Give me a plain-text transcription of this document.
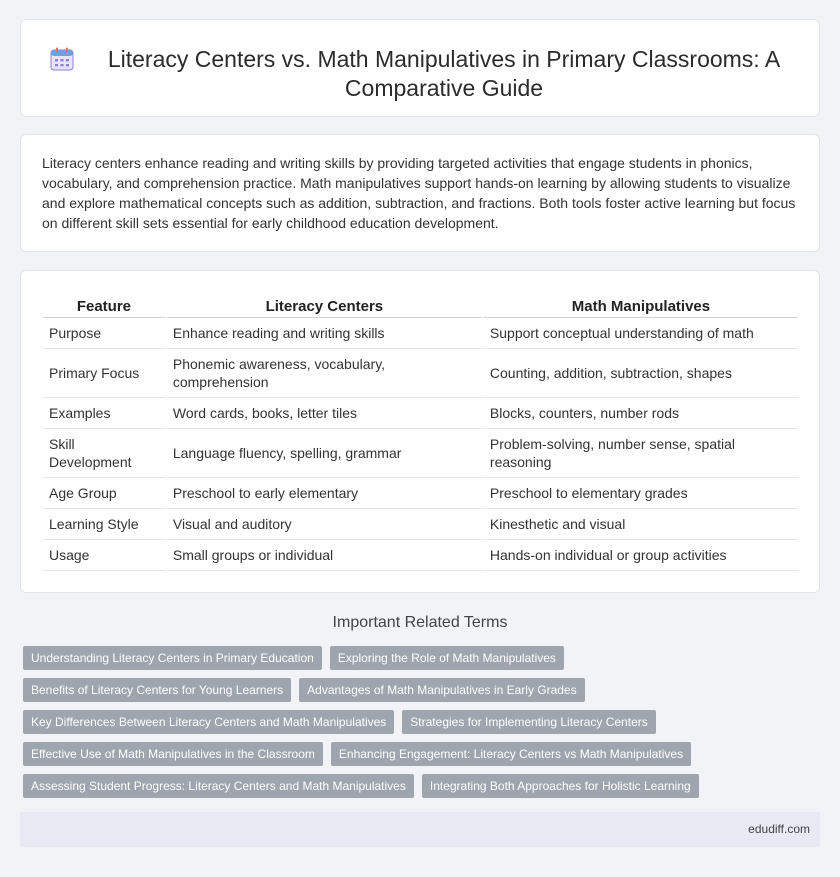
Literacy Centers vs. Math Manipulatives in Primary Classrooms: A Comparative Guide

Literacy centers enhance reading and writing skills by providing targeted activities that engage students in phonics, vocabulary, and comprehension practice. Math manipulatives support hands-on learning by allowing students to visualize and explore mathematical concepts such as addition, subtraction, and fractions. Both tools foster active learning but focus on different skill sets essential for early childhood education development.

Feature	Literacy Centers	Math Manipulatives
Purpose	Enhance reading and writing skills	Support conceptual understanding of math
Primary Focus	Phonemic awareness, vocabulary, comprehension	Counting, addition, subtraction, shapes
Examples	Word cards, books, letter tiles	Blocks, counters, number rods
Skill Development	Language fluency, spelling, grammar	Problem-solving, number sense, spatial reasoning
Age Group	Preschool to early elementary	Preschool to elementary grades
Learning Style	Visual and auditory	Kinesthetic and visual
Usage	Small groups or individual	Hands-on individual or group activities
Important Related Terms
Understanding Literacy Centers in Primary Education	Exploring the Role of Math Manipulatives
Benefits of Literacy Centers for Young Learners	Advantages of Math Manipulatives in Early Grades
Key Differences Between Literacy Centers and Math Manipulatives	Strategies for Implementing Literacy Centers
Effective Use of Math Manipulatives in the Classroom	Enhancing Engagement: Literacy Centers vs Math Manipulatives
Assessing Student Progress: Literacy Centers and Math Manipulatives	Integrating Both Approaches for Holistic Learning
edudiff.com
